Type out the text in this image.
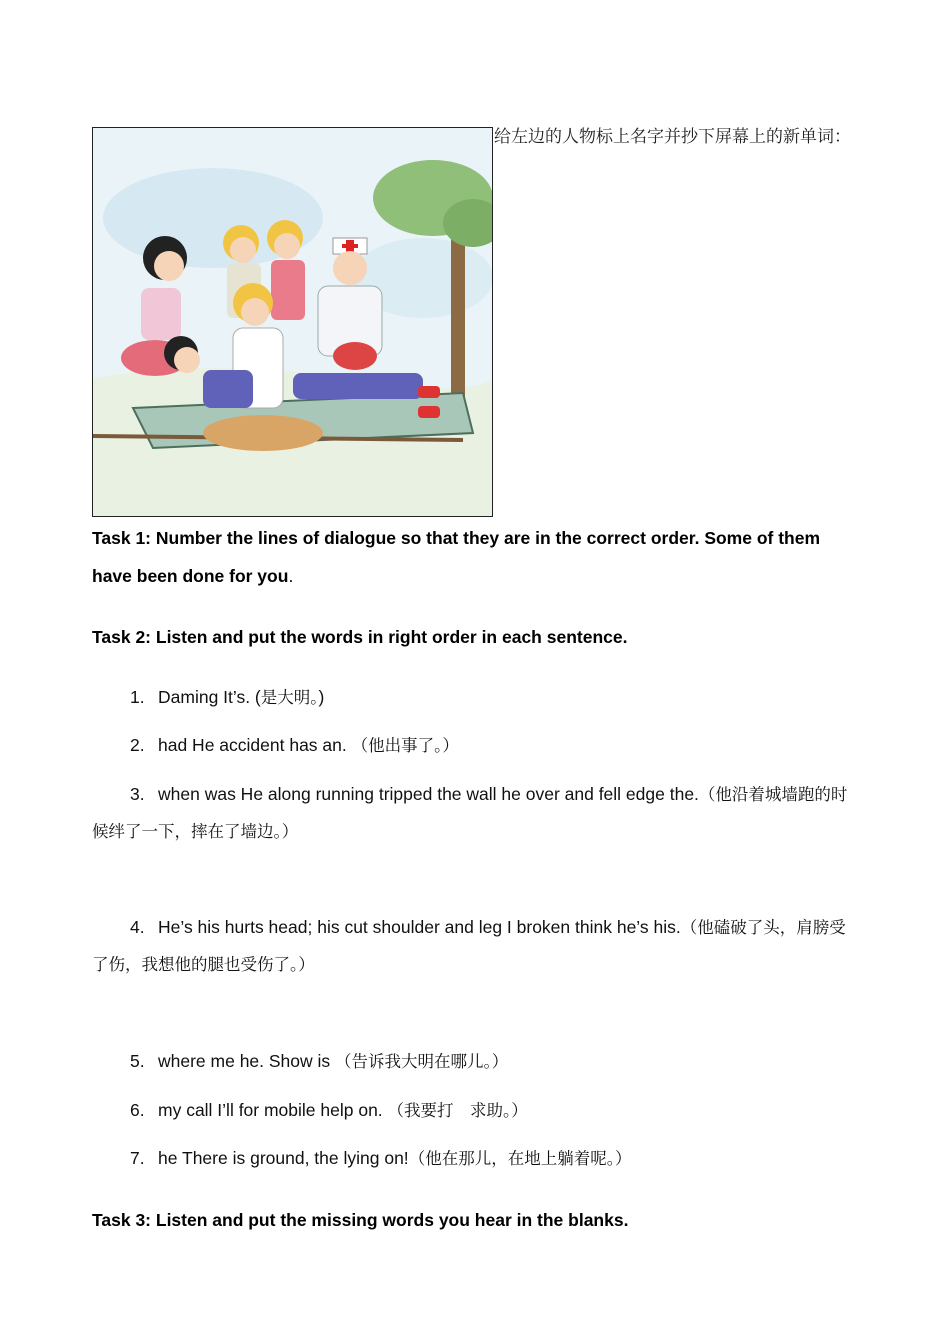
给左边的人物标上名字并抄下屏幕上的新单词：
Task 1: Number the lines of dialogue so that they are in the correct order. Some of them have been done for you.
Task 2: Listen and put the words in right order in each sentence.
1. Daming It’s. (是大明。)
2. had He accident has an. （他出事了。）
3. when was He along running tripped the wall he over and fell edge the.（他沿着城墙跑的时候绊了一下，摔在了墙边。）
4. He’s his hurts head; his cut shoulder and leg I broken think he’s his.（他磕破了头，肩膀受了伤，我想他的腿也受伤了。）
5. where me he. Show is （告诉我大明在哪儿。）
6. my call I’ll for mobile help on. （我要打　求助。）
7. he There is ground, the lying on!（他在那儿，在地上躺着呢。）
Task 3: Listen and put the missing words you hear in the blanks.
